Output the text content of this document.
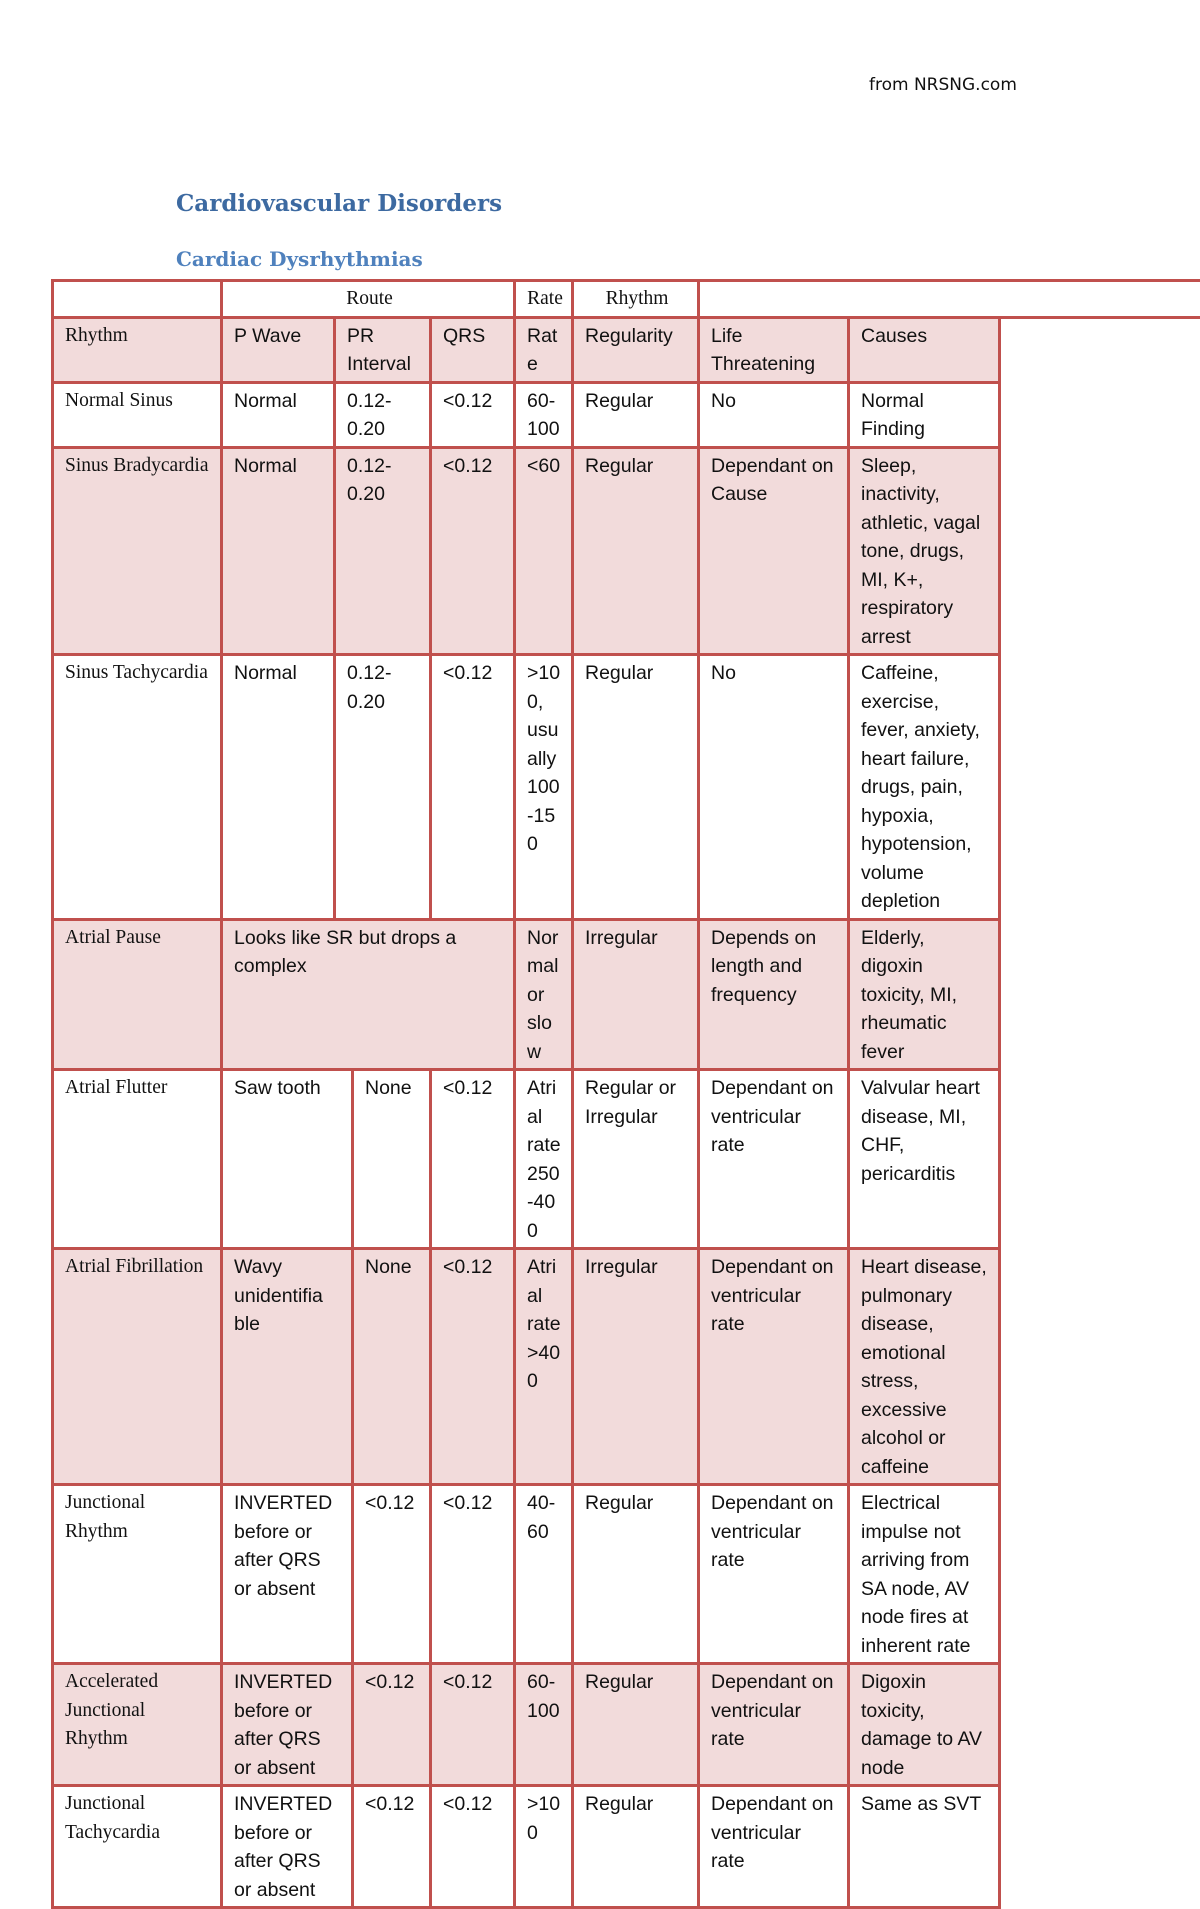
from NRSNG.com
Cardiovascular Disorders
Cardiac Dysrhythmias
	Route				Rate	Rhythm		
Rhythm	P Wave	PR Interval		QRS	Rate	Regularity	Life Threatening	Causes
Normal Sinus	Normal	0.12-0.20		<0.12	60-100	Regular	No	Normal Finding
Sinus Bradycardia	Normal	0.12-0.20		<0.12	<60	Regular	Dependant on Cause	Sleep, inactivity, athletic, vagal tone, drugs, MI, K+, respiratory arrest
Sinus Tachycardia	Normal	0.12-0.20		<0.12	>100, usually 100-150	Regular	No	Caffeine, exercise, fever, anxiety, heart failure, drugs, pain, hypoxia, hypotension, volume depletion
Atrial Pause	Looks like SR but drops a complex				Normal or slow	Irregular	Depends on length and frequency	Elderly, digoxin toxicity, MI, rheumatic fever
Atrial Flutter	Saw tooth		None	<0.12	Atrial rate 250-400	Regular or Irregular	Dependant on ventricular rate	Valvular heart disease, MI, CHF, pericarditis
Atrial Fibrillation	Wavy unidentifia ble		None	<0.12	Atrial rate >400	Irregular	Dependant on ventricular rate	Heart disease, pulmonary disease, emotional stress, excessive alcohol or caffeine
Junctional Rhythm	INVERTED before or after QRS or absent		<0.12	<0.12	40-60	Regular	Dependant on ventricular rate	Electrical impulse not arriving from SA node, AV node fires at inherent rate
Accelerated Junctional Rhythm	INVERTED before or after QRS or absent		<0.12	<0.12	60-100	Regular	Dependant on ventricular rate	Digoxin toxicity, damage to AV node
Junctional Tachycardia	INVERTED before or after QRS or absent		<0.12	<0.12	>100	Regular	Dependant on ventricular rate	Same as SVT
